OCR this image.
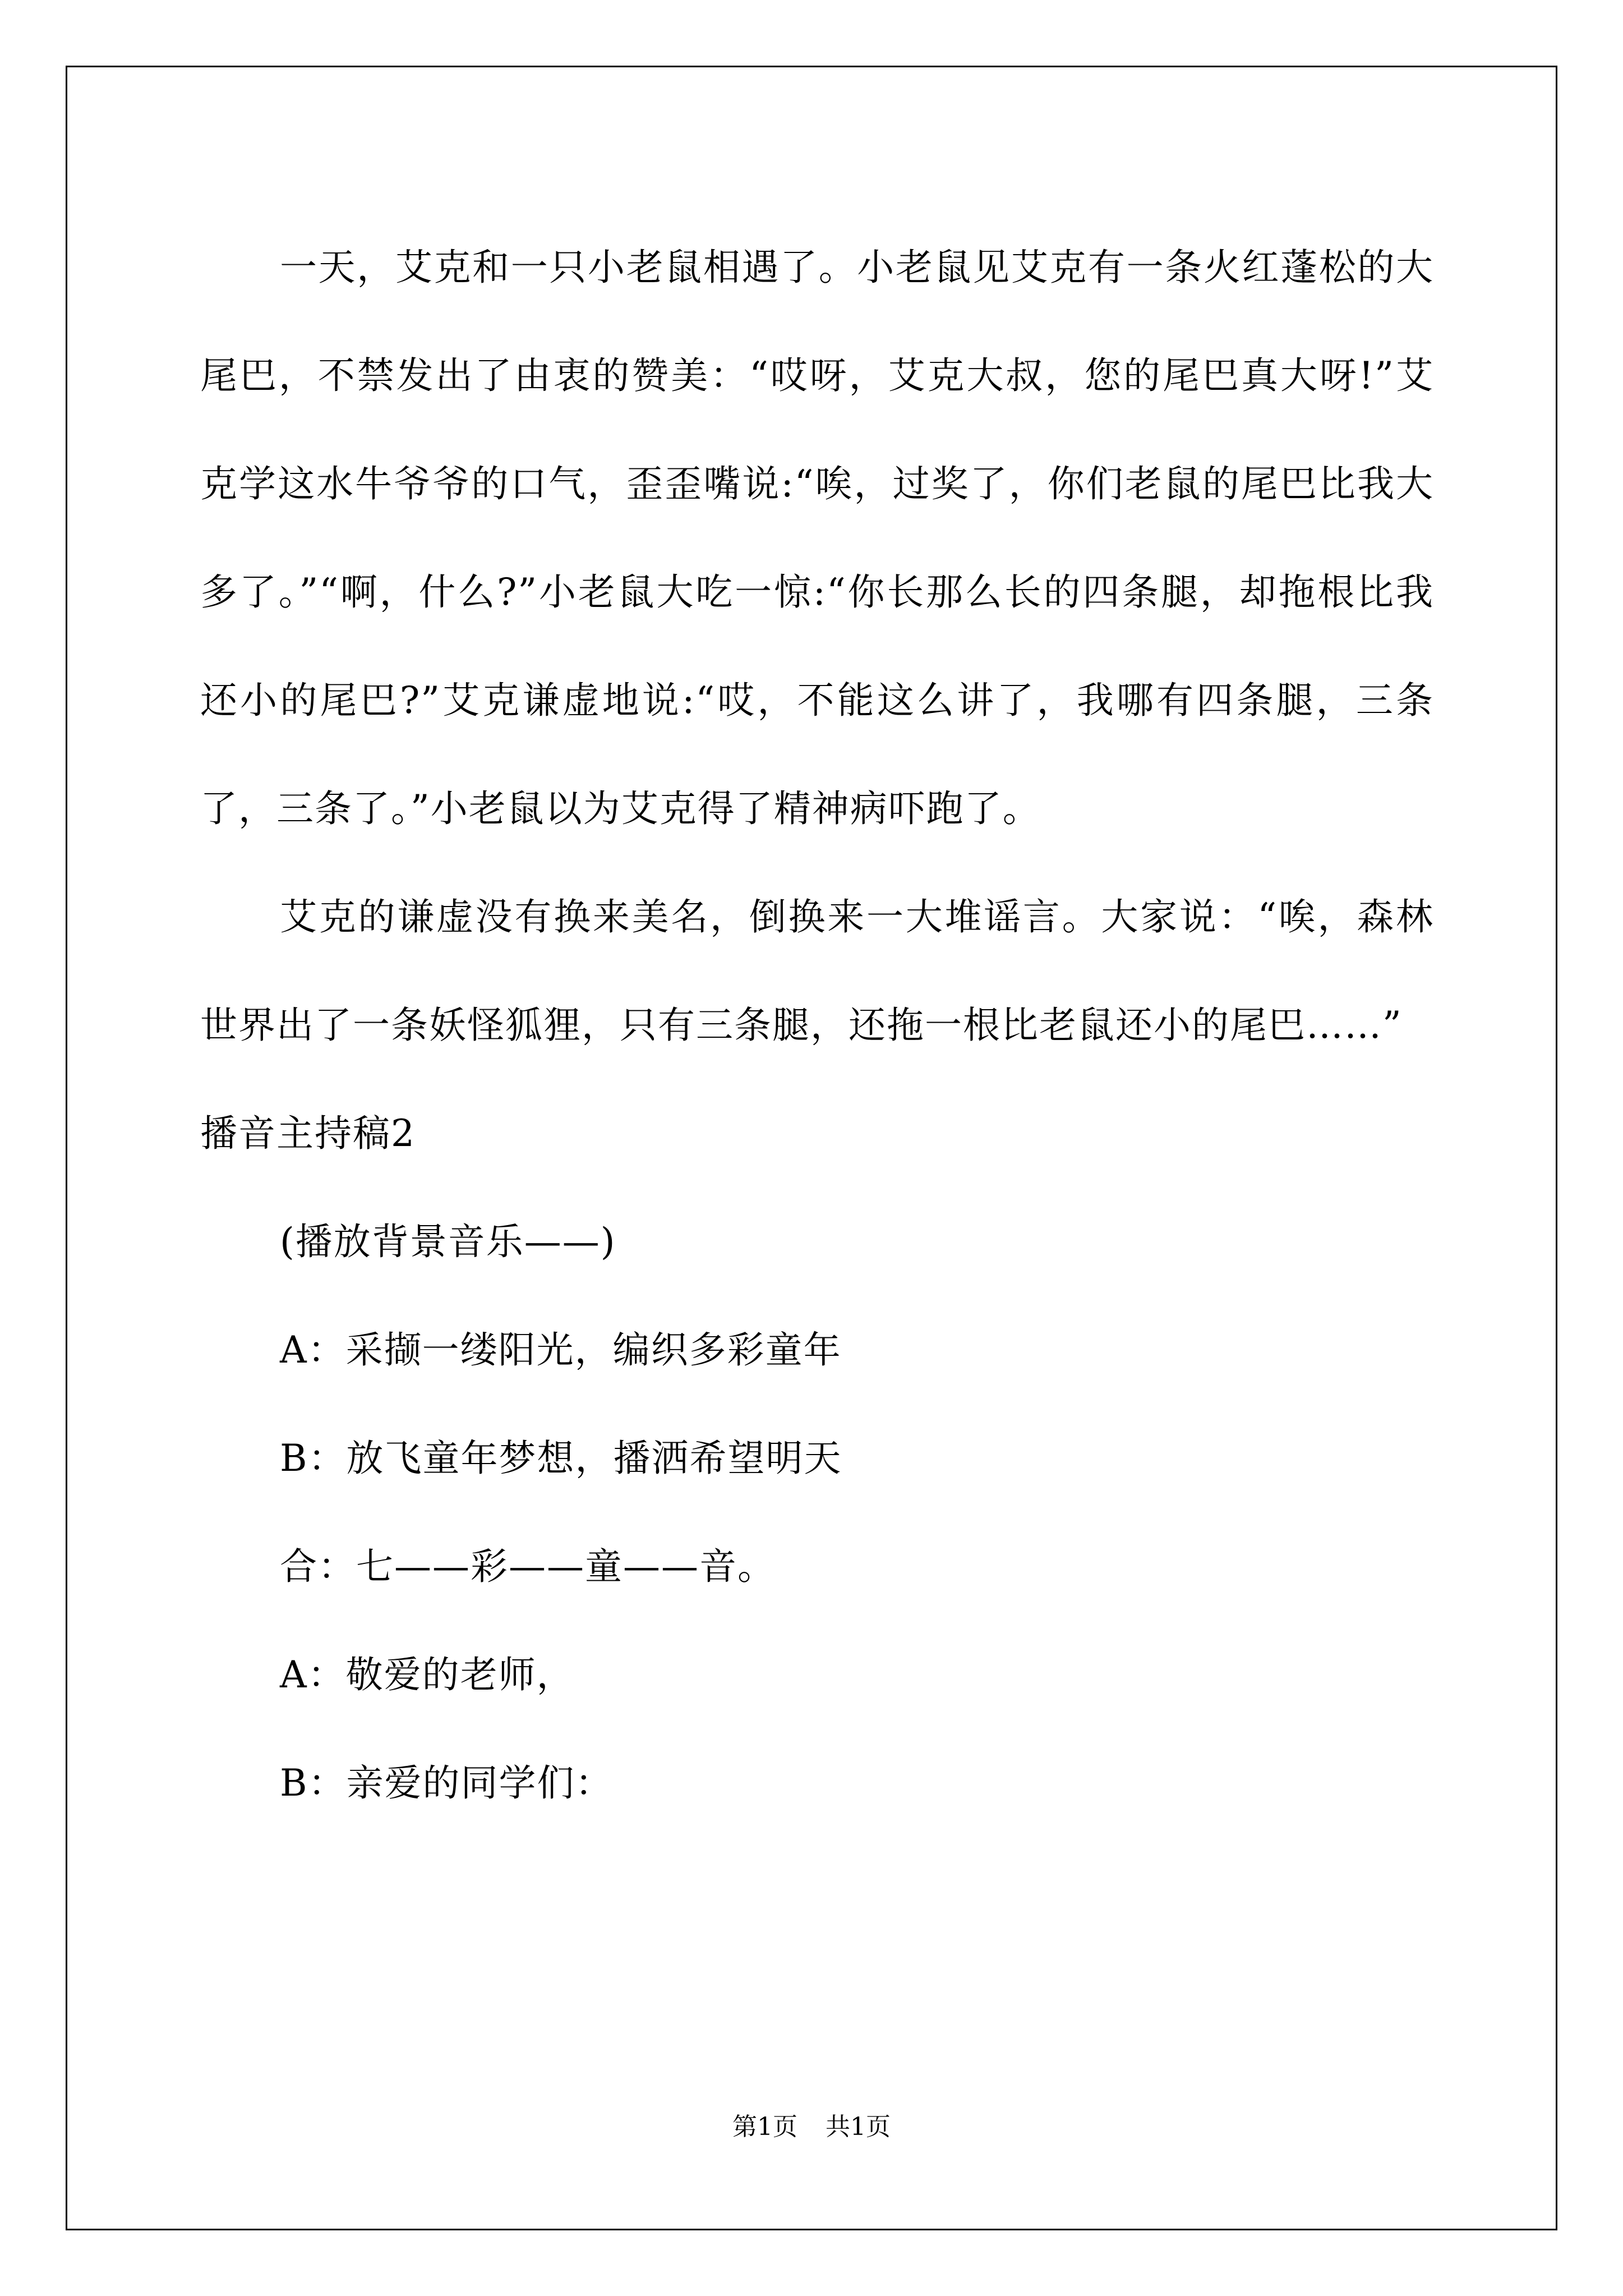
一天，艾克和一只小老鼠相遇了。小老鼠见艾克有一条火红蓬松的大尾巴，不禁发出了由衷的赞美：“哎呀，艾克大叔，您的尾巴真大呀!”艾克学这水牛爷爷的口气，歪歪嘴说:“唉，过奖了，你们老鼠的尾巴比我大多了。”“啊，什么?”小老鼠大吃一惊:“你长那么长的四条腿，却拖根比我还小的尾巴?”艾克谦虚地说:“哎，不能这么讲了，我哪有四条腿，三条了，三条了。”小老鼠以为艾克得了精神病吓跑了。

艾克的谦虚没有换来美名，倒换来一大堆谣言。大家说：“唉，森林世界出了一条妖怪狐狸，只有三条腿，还拖一根比老鼠还小的尾巴……”

播音主持稿2

(播放背景音乐——)

A：采撷一缕阳光，编织多彩童年

B：放飞童年梦想，播洒希望明天

合：七——彩——童——音。

A：敬爱的老师，

B：亲爱的同学们：

第1页 共1页
